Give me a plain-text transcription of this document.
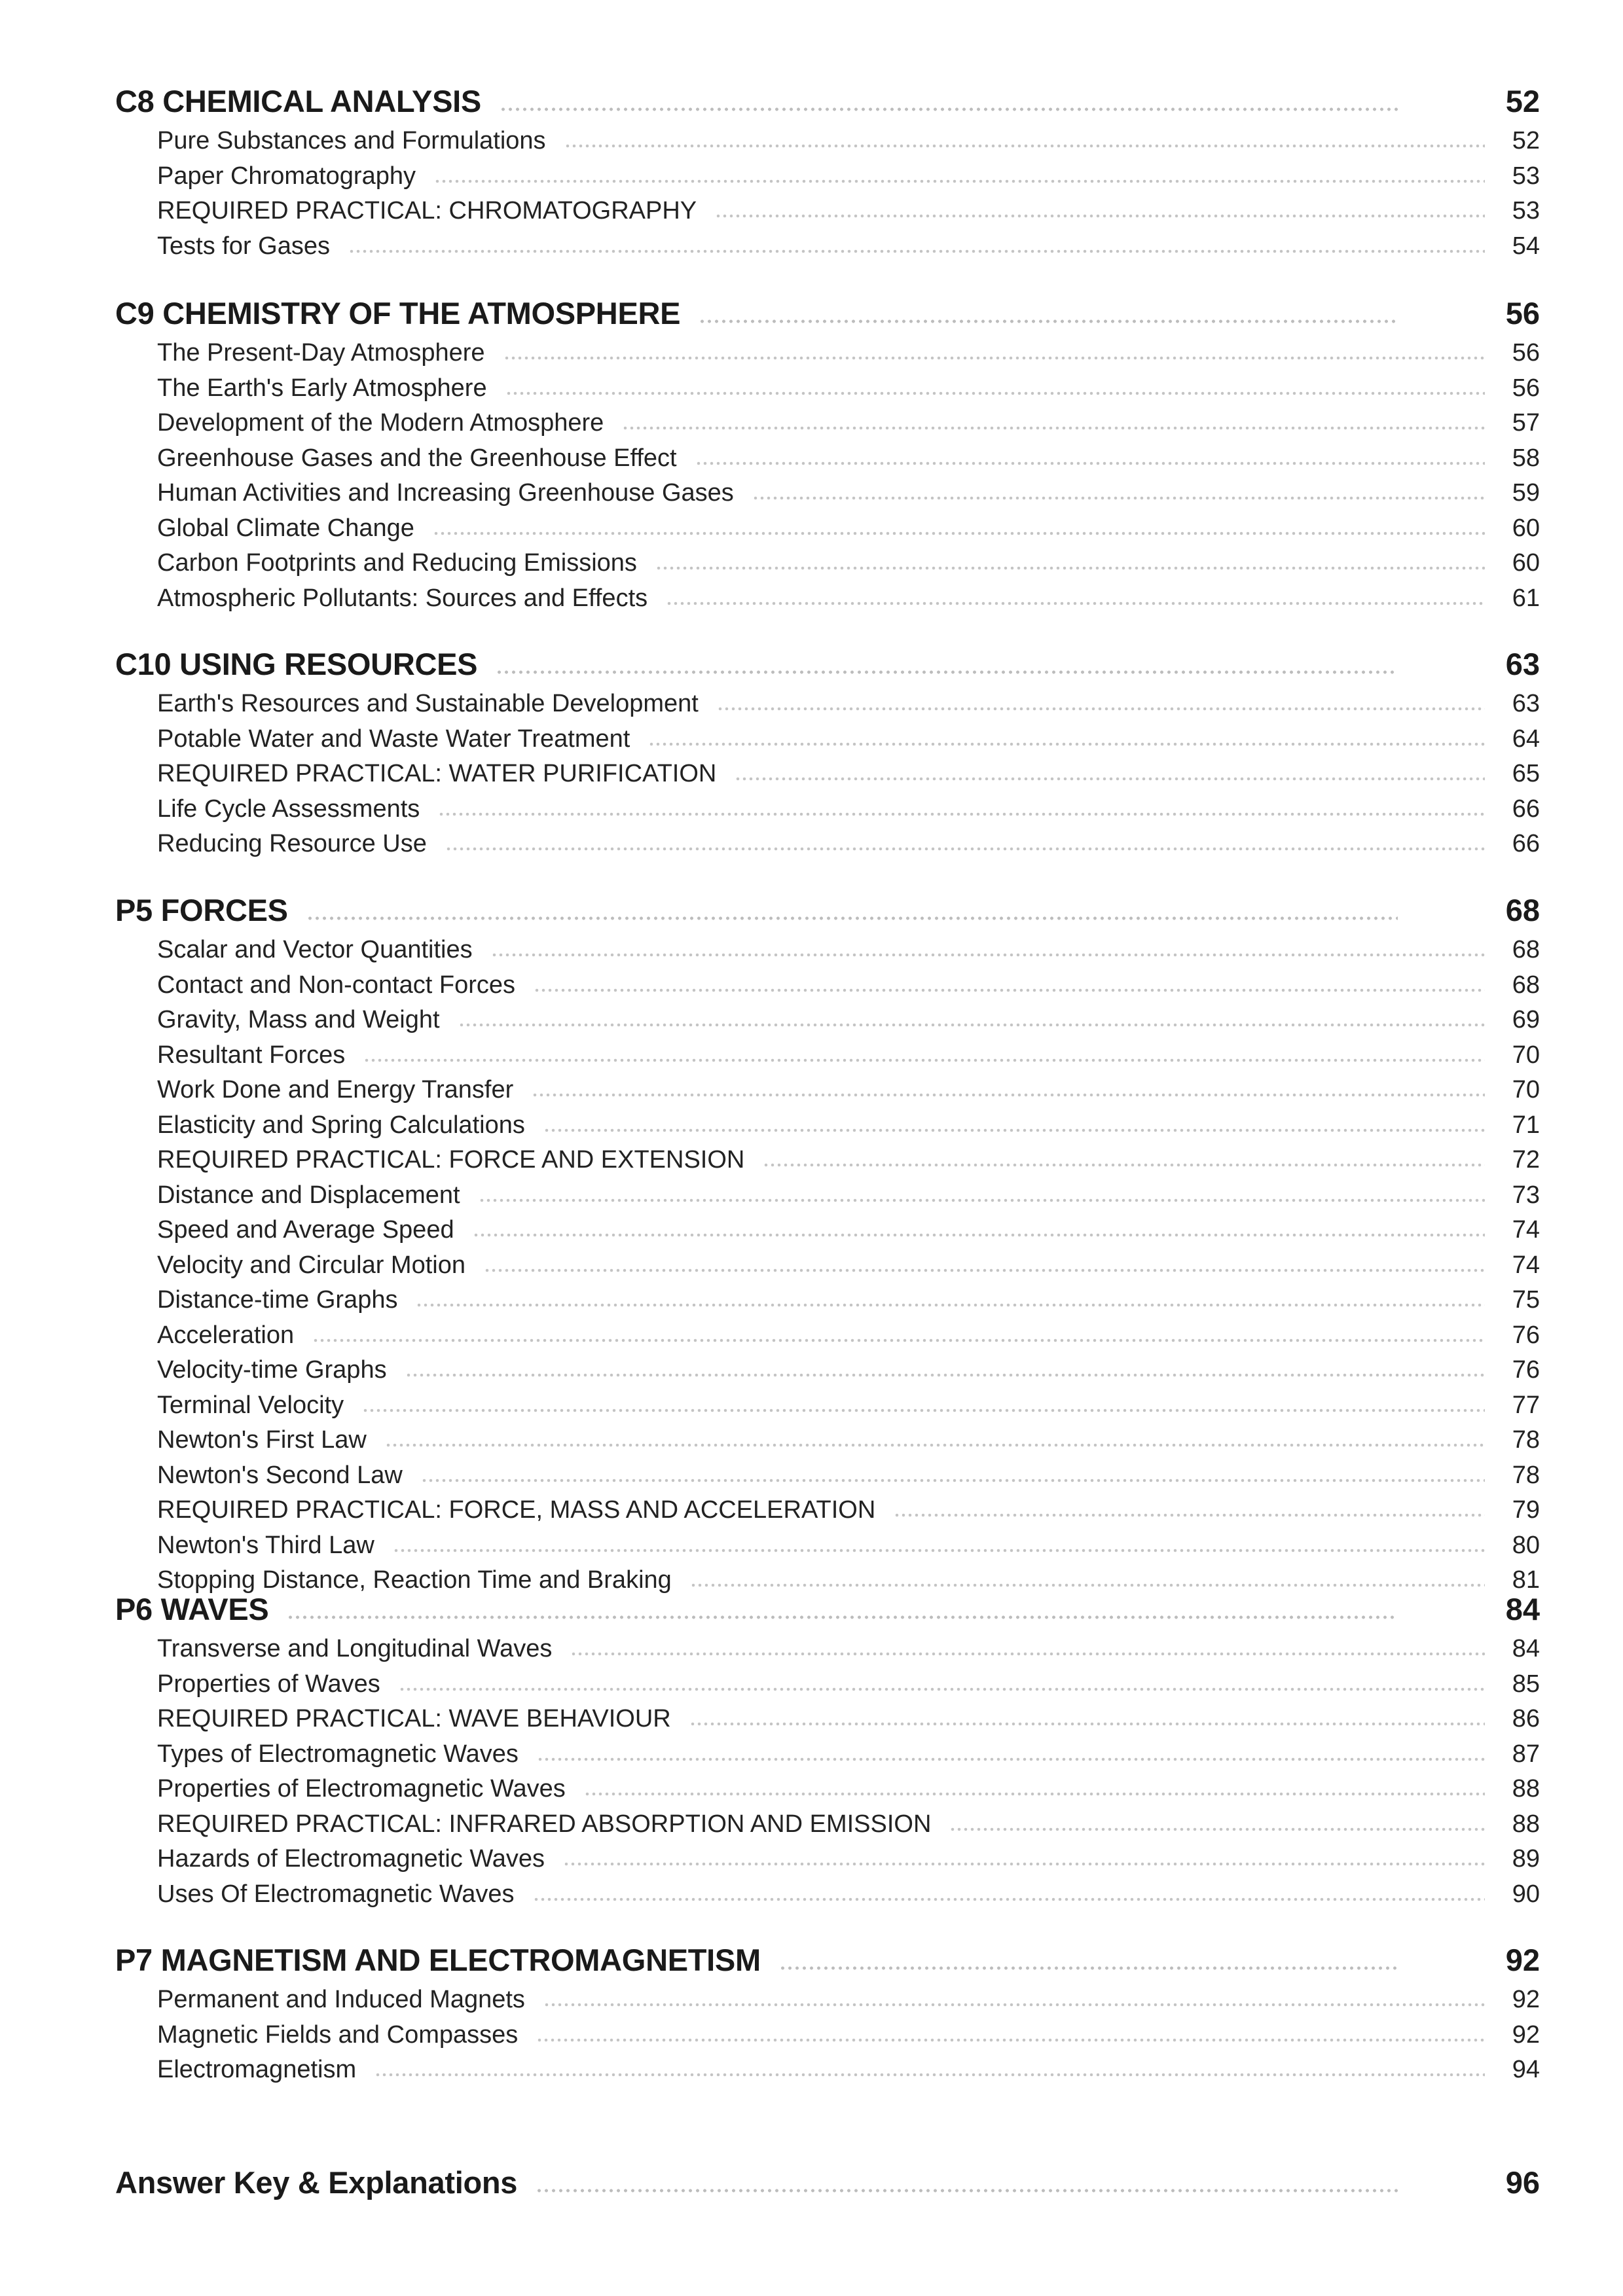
C8 CHEMICAL ANALYSIS	52
Pure Substances and Formulations	52
Paper Chromatography	53
REQUIRED PRACTICAL: CHROMATOGRAPHY	53
Tests for Gases	54
C9 CHEMISTRY OF THE ATMOSPHERE	56
The Present-Day Atmosphere	56
The Earth's Early Atmosphere	56
Development of the Modern Atmosphere	57
Greenhouse Gases and the Greenhouse Effect	58
Human Activities and Increasing Greenhouse Gases	59
Global Climate Change	60
Carbon Footprints and Reducing Emissions	60
Atmospheric Pollutants: Sources and Effects	61
C10 USING RESOURCES	63
Earth's Resources and Sustainable Development	63
Potable Water and Waste Water Treatment	64
REQUIRED PRACTICAL: WATER PURIFICATION	65
Life Cycle Assessments	66
Reducing Resource Use	66
P5 FORCES	68
Scalar and Vector Quantities	68
Contact and Non-contact Forces	68
Gravity, Mass and Weight	69
Resultant Forces	70
Work Done and Energy Transfer	70
Elasticity and Spring Calculations	71
REQUIRED PRACTICAL: FORCE AND EXTENSION	72
Distance and Displacement	73
Speed and Average Speed	74
Velocity and Circular Motion	74
Distance-time Graphs	75
Acceleration	76
Velocity-time Graphs	76
Terminal Velocity	77
Newton's First Law	78
Newton's Second Law	78
REQUIRED PRACTICAL: FORCE, MASS AND ACCELERATION	79
Newton's Third Law	80
Stopping Distance, Reaction Time and Braking	81
P6 WAVES	84
Transverse and Longitudinal Waves	84
Properties of Waves	85
REQUIRED PRACTICAL: WAVE BEHAVIOUR	86
Types of Electromagnetic Waves	87
Properties of Electromagnetic Waves	88
REQUIRED PRACTICAL: INFRARED ABSORPTION AND EMISSION	88
Hazards of Electromagnetic Waves	89
Uses Of Electromagnetic Waves	90
P7 MAGNETISM AND ELECTROMAGNETISM	92
Permanent and Induced Magnets	92
Magnetic Fields and Compasses	92
Electromagnetism	94
Answer Key & Explanations	96
